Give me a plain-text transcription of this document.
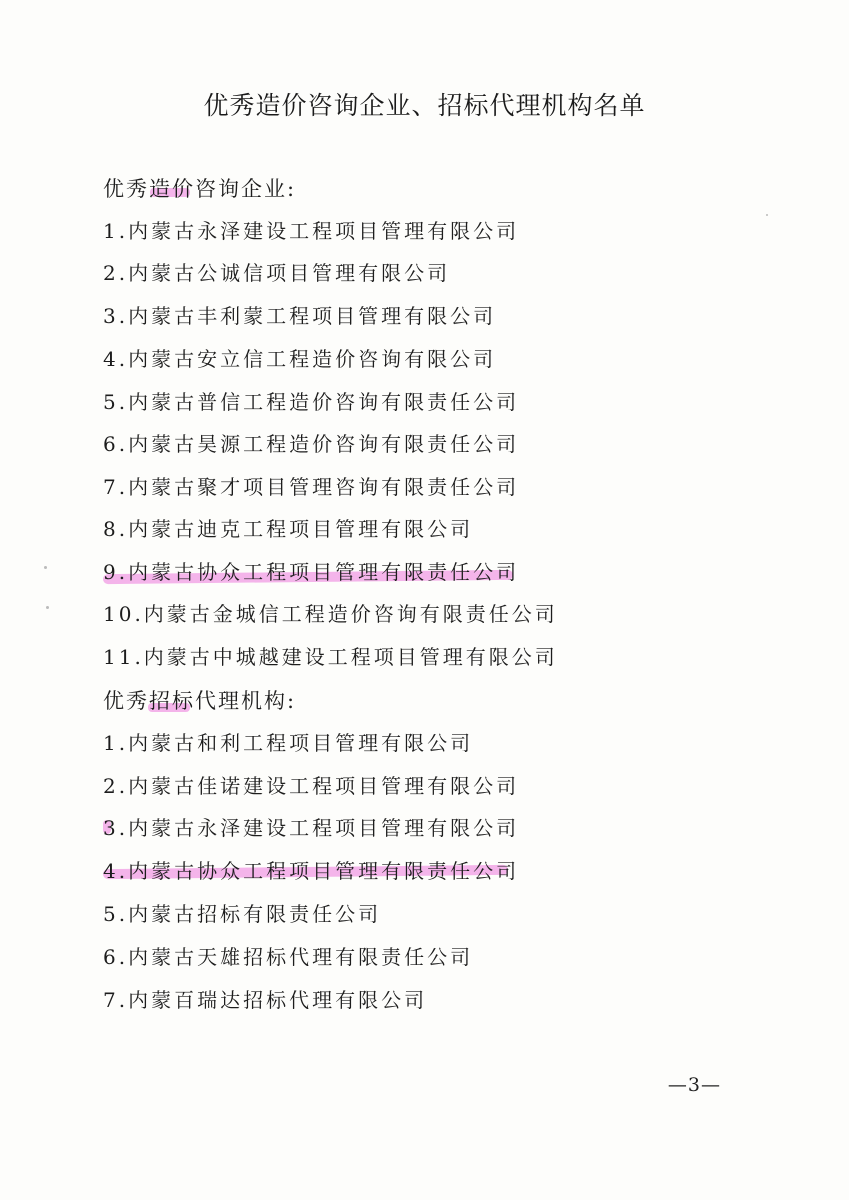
优秀造价咨询企业、招标代理机构名单
优秀造价咨询企业:
1.内蒙古永泽建设工程项目管理有限公司
2.内蒙古公诚信项目管理有限公司
3.内蒙古丰利蒙工程项目管理有限公司
4.内蒙古安立信工程造价咨询有限公司
5.内蒙古普信工程造价咨询有限责任公司
6.内蒙古昊源工程造价咨询有限责任公司
7.内蒙古聚才项目管理咨询有限责任公司
8.内蒙古迪克工程项目管理有限公司
9.内蒙古协众工程项目管理有限责任公司
10.内蒙古金城信工程造价咨询有限责任公司
11.内蒙古中城越建设工程项目管理有限公司
优秀招标代理机构:
1.内蒙古和利工程项目管理有限公司
2.内蒙古佳诺建设工程项目管理有限公司
3.内蒙古永泽建设工程项目管理有限公司
4.内蒙古协众工程项目管理有限责任公司
5.内蒙古招标有限责任公司
6.内蒙古天雄招标代理有限责任公司
7.内蒙百瑞达招标代理有限公司
—3—
